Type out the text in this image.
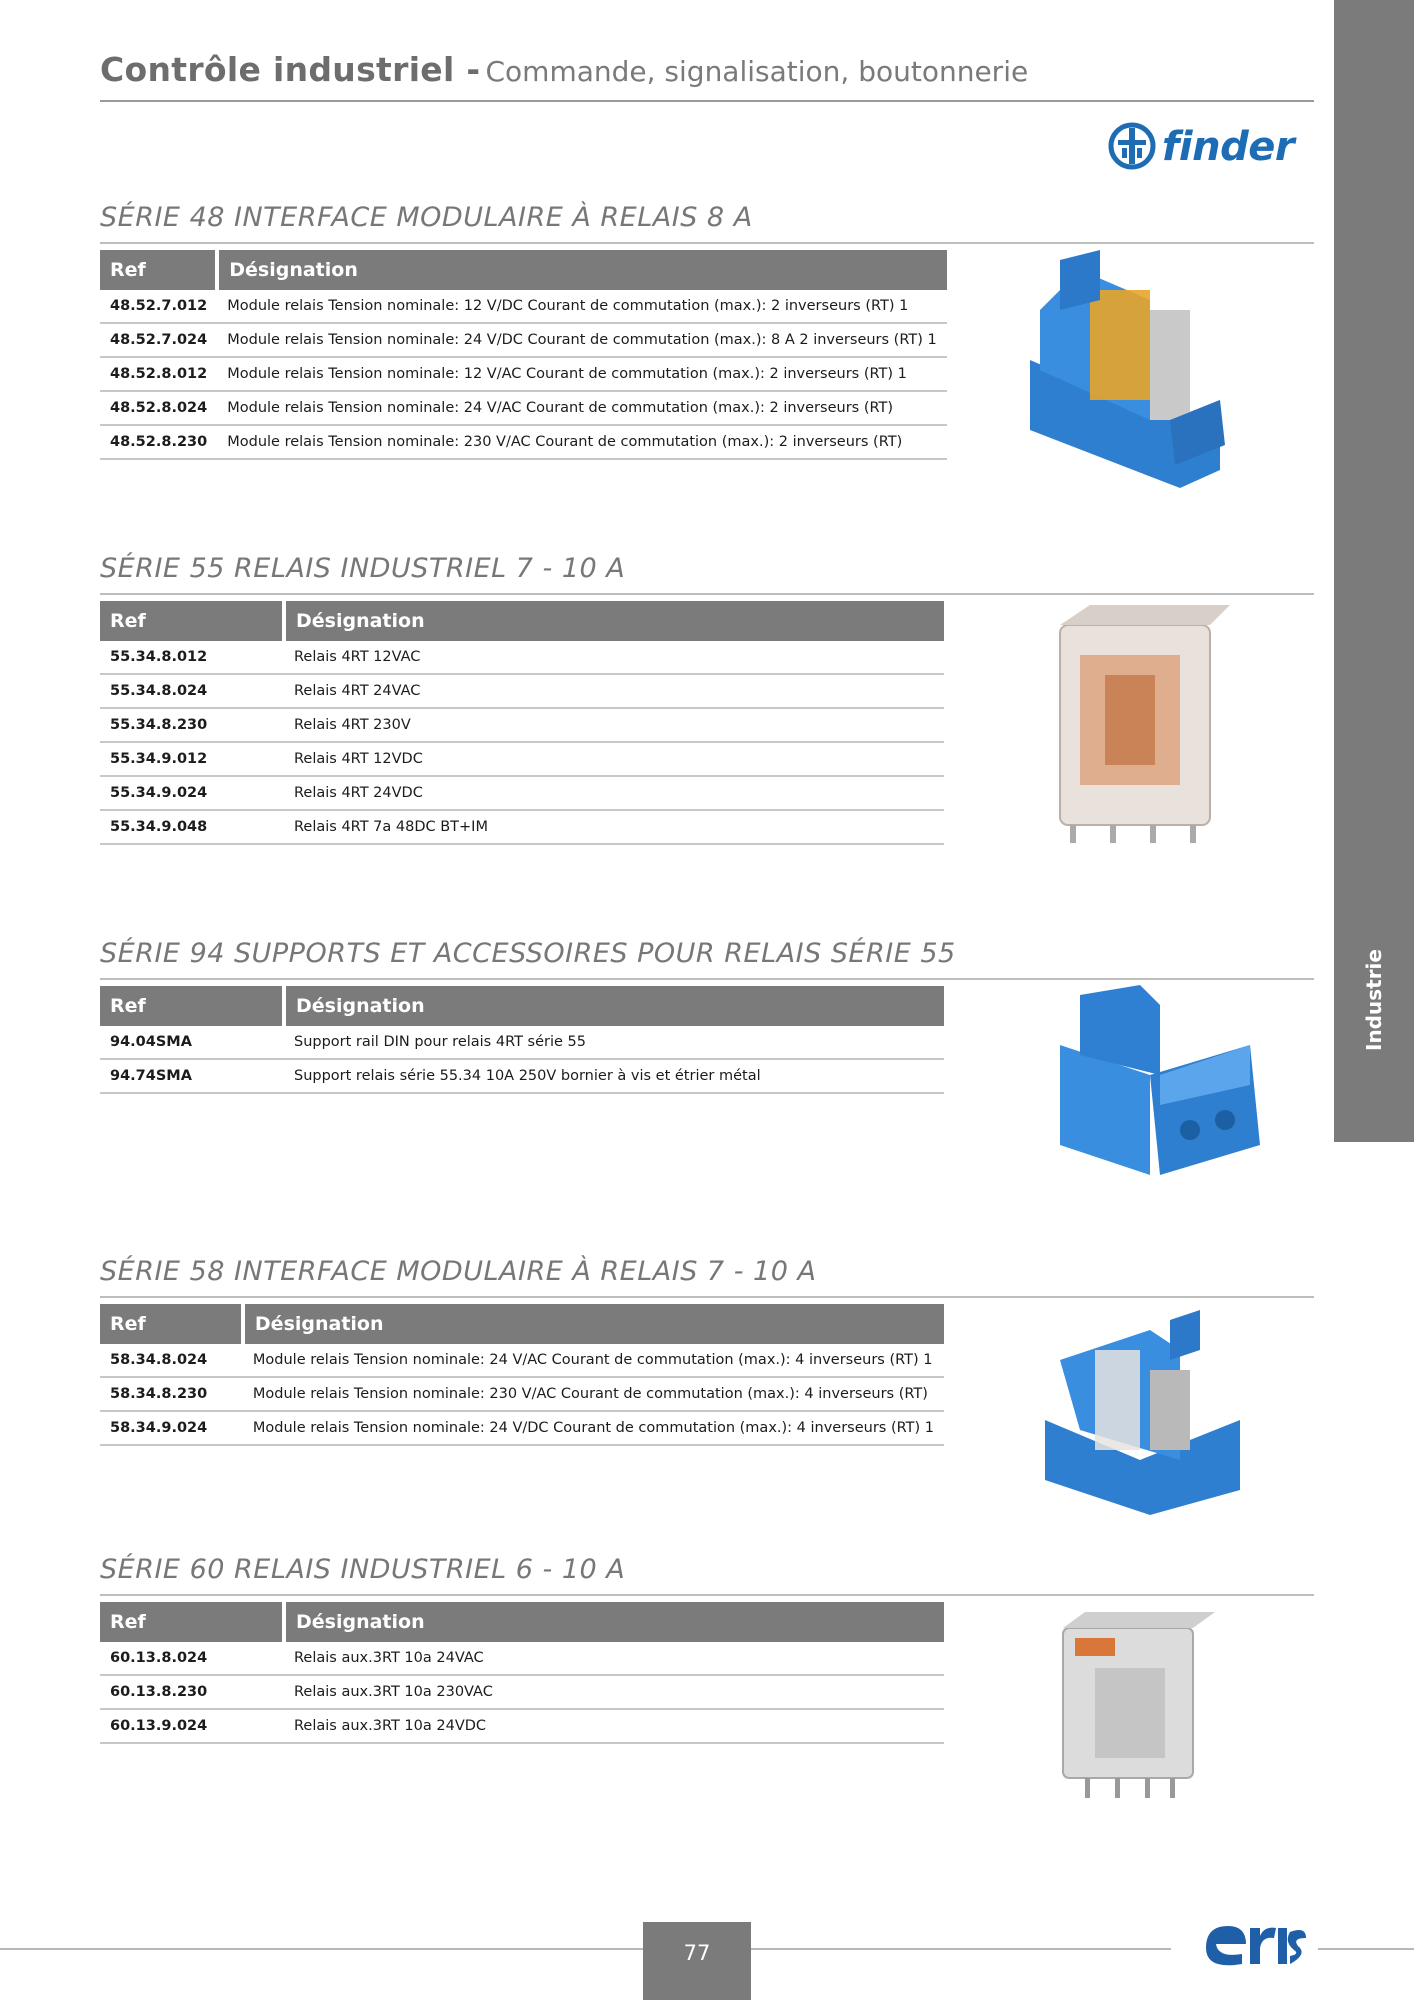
Contrôle industriel - Commande, signalisation, boutonnerie
Industrie
finder
SÉRIE 48 INTERFACE MODULAIRE À RELAIS 8 A
Ref	Désignation
48.52.7.012	Module relais Tension nominale: 12 V/DC Courant de commutation (max.): 2 inverseurs (RT) 1
48.52.7.024	Module relais Tension nominale: 24 V/DC Courant de commutation (max.): 8 A 2 inverseurs (RT) 1
48.52.8.012	Module relais Tension nominale: 12 V/AC Courant de commutation (max.): 2 inverseurs (RT) 1
48.52.8.024	Module relais Tension nominale: 24 V/AC Courant de commutation (max.): 2 inverseurs (RT)
48.52.8.230	Module relais Tension nominale: 230 V/AC Courant de commutation (max.): 2 inverseurs (RT)
SÉRIE 55 RELAIS INDUSTRIEL 7 - 10 A
Ref	Désignation
55.34.8.012	Relais 4RT 12VAC
55.34.8.024	Relais 4RT 24VAC
55.34.8.230	Relais 4RT 230V
55.34.9.012	Relais 4RT 12VDC
55.34.9.024	Relais 4RT 24VDC
55.34.9.048	Relais 4RT 7a 48DC BT+IM
SÉRIE 94 SUPPORTS ET ACCESSOIRES POUR RELAIS SÉRIE 55
Ref	Désignation
94.04SMA	Support rail DIN pour relais 4RT série 55
94.74SMA	Support relais série 55.34 10A 250V bornier à vis et étrier métal
SÉRIE 58 INTERFACE MODULAIRE À RELAIS 7 - 10 A
Ref	Désignation
58.34.8.024	Module relais Tension nominale: 24 V/AC Courant de commutation (max.): 4 inverseurs (RT) 1
58.34.8.230	Module relais Tension nominale: 230 V/AC Courant de commutation (max.): 4 inverseurs (RT)
58.34.9.024	Module relais Tension nominale: 24 V/DC Courant de commutation (max.): 4 inverseurs (RT) 1
SÉRIE 60 RELAIS INDUSTRIEL 6 - 10 A
Ref	Désignation
60.13.8.024	Relais aux.3RT 10a 24VAC
60.13.8.230	Relais aux.3RT 10a 230VAC
60.13.9.024	Relais aux.3RT 10a 24VDC
77
